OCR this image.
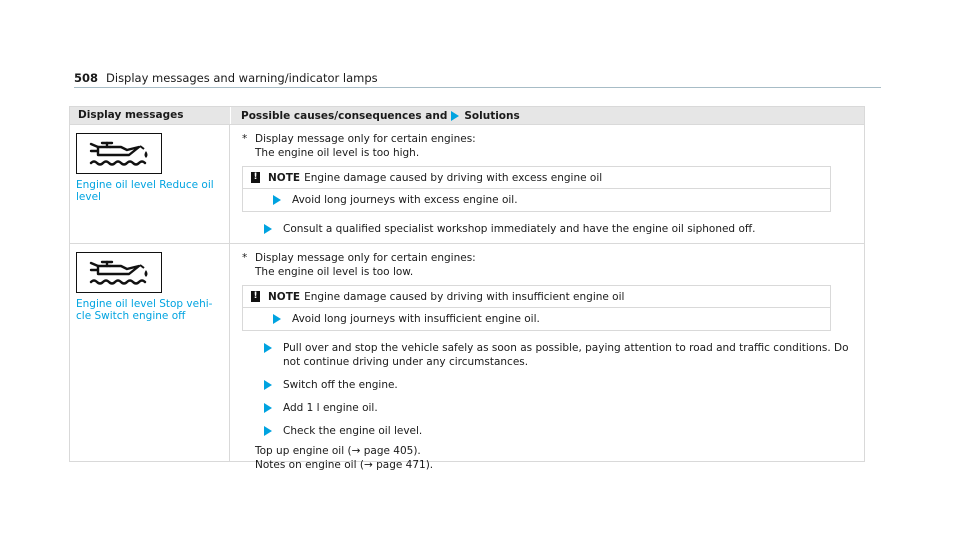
508 Display messages and warning/indicator lamps
Display messages	Possible causes/consequences and Solutions
Engine oil level Reduce oil
level
* Display message only for certain engines:
The engine oil level is too high.
! NOTE Engine damage caused by driving with excess engine oil
Avoid long journeys with excess engine oil.
Consult a qualified specialist workshop immediately and have the engine oil siphoned off.
Engine oil level Stop vehi-
cle Switch engine off
* Display message only for certain engines:
The engine oil level is too low.
! NOTE Engine damage caused by driving with insufficient engine oil
Avoid long journeys with insufficient engine oil.
Pull over and stop the vehicle safely as soon as possible, paying attention to road and traffic conditions. Do not continue driving under any circumstances.
Switch off the engine.
Add 1 l engine oil.
Check the engine oil level.
Top up engine oil (→ page 405).
Notes on engine oil (→ page 471).
